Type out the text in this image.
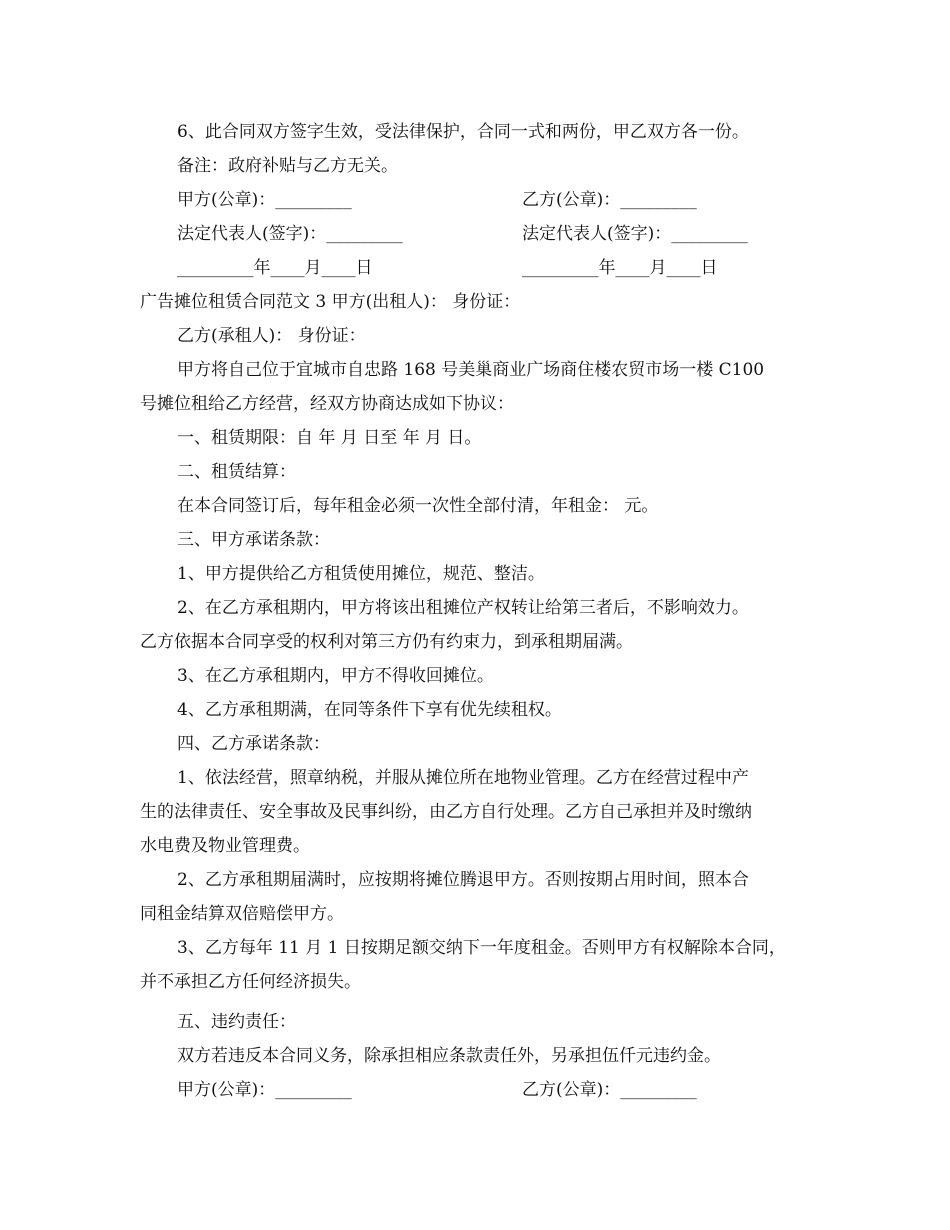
6、此合同双方签字生效，受法律保护，合同一式和两份，甲乙双方各一份。
备注：政府补贴与乙方无关。
甲方(公章)：_________	乙方(公章)：_________
法定代表人(签字)：_________	法定代表人(签字)：_________
_________年____月____日	_________年____月____日
广告摊位租赁合同范文 3 甲方(出租人)： 身份证：
乙方(承租人)： 身份证：
甲方将自己位于宜城市自忠路 168 号美巢商业广场商住楼农贸市场一楼 C100
号摊位租给乙方经营，经双方协商达成如下协议：
一、租赁期限：自 年 月 日至 年 月 日。
二、租赁结算：
在本合同签订后，每年租金必须一次性全部付清，年租金： 元。
三、甲方承诺条款：
1、甲方提供给乙方租赁使用摊位，规范、整洁。
2、在乙方承租期内，甲方将该出租摊位产权转让给第三者后，不影响效力。
乙方依据本合同享受的权利对第三方仍有约束力，到承租期届满。
3、在乙方承租期内，甲方不得收回摊位。
4、乙方承租期满，在同等条件下享有优先续租权。
四、乙方承诺条款：
1、依法经营，照章纳税，并服从摊位所在地物业管理。乙方在经营过程中产
生的法律责任、安全事故及民事纠纷，由乙方自行处理。乙方自己承担并及时缴纳
水电费及物业管理费。
2、乙方承租期届满时，应按期将摊位腾退甲方。否则按期占用时间，照本合
同租金结算双倍赔偿甲方。
3、乙方每年 11 月 1 日按期足额交纳下一年度租金。否则甲方有权解除本合同，
并不承担乙方任何经济损失。
五、违约责任：
双方若违反本合同义务，除承担相应条款责任外，另承担伍仟元违约金。
甲方(公章)：_________	乙方(公章)：_________
